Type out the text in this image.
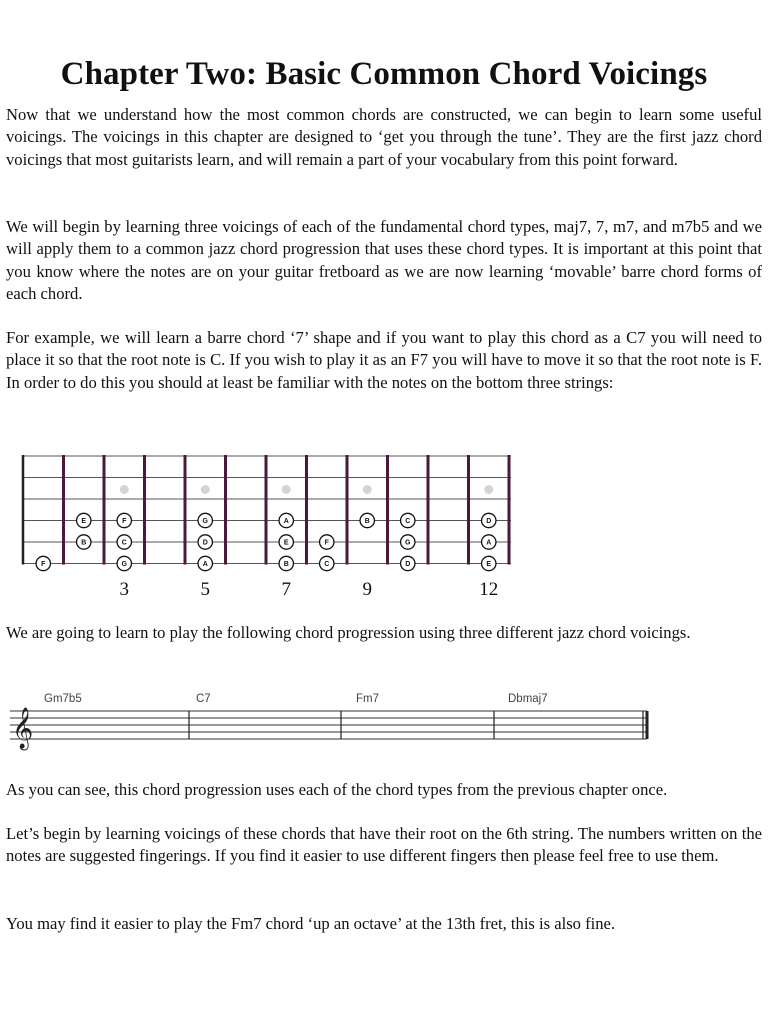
Chapter Two: Basic Common Chord Voicings

Now that we understand how the most common chords are constructed, we can begin to learn some useful voicings. The voicings in this chapter are designed to ‘get you through the tune’. They are the first jazz chord voicings that most guitarists learn, and will remain a part of your vocabulary from this point forward.

We will begin by learning three voicings of each of the fundamental chord types, maj7, 7, m7, and m7b5 and we will apply them to a common jazz chord progression that uses these chord types. It is important at this point that you know where the notes are on your guitar fretboard as we are now learning ‘movable’ barre chord forms of each chord.

For example, we will learn a barre chord ‘7’ shape and if you want to play this chord as a C7 you will need to place it so that the root note is C. If you wish to play it as an F7 you will have to move it so that the root note is F. In order to do this you should at least be familiar with the notes on the bottom three strings:

We are going to learn to play the following chord progression using three different jazz chord voicings.

As you can see, this chord progression uses each of the chord types from the previous chapter once.

Let’s begin by learning voicings of these chords that have their root on the 6th string. The numbers written on the notes are suggested fingerings. If you find it easier to use different fingers then please feel free to use them.

You may find it easier to play the Fm7 chord ‘up an octave’ at the 13th fret, this is also fine.

F
E
B
F
C
G
G
D
A
A
E
B
F
C
B	C
G
D
D
A
E
3	5	7	9	12
𝄞
Gm7b5	C7	Fm7	Dbmaj7
